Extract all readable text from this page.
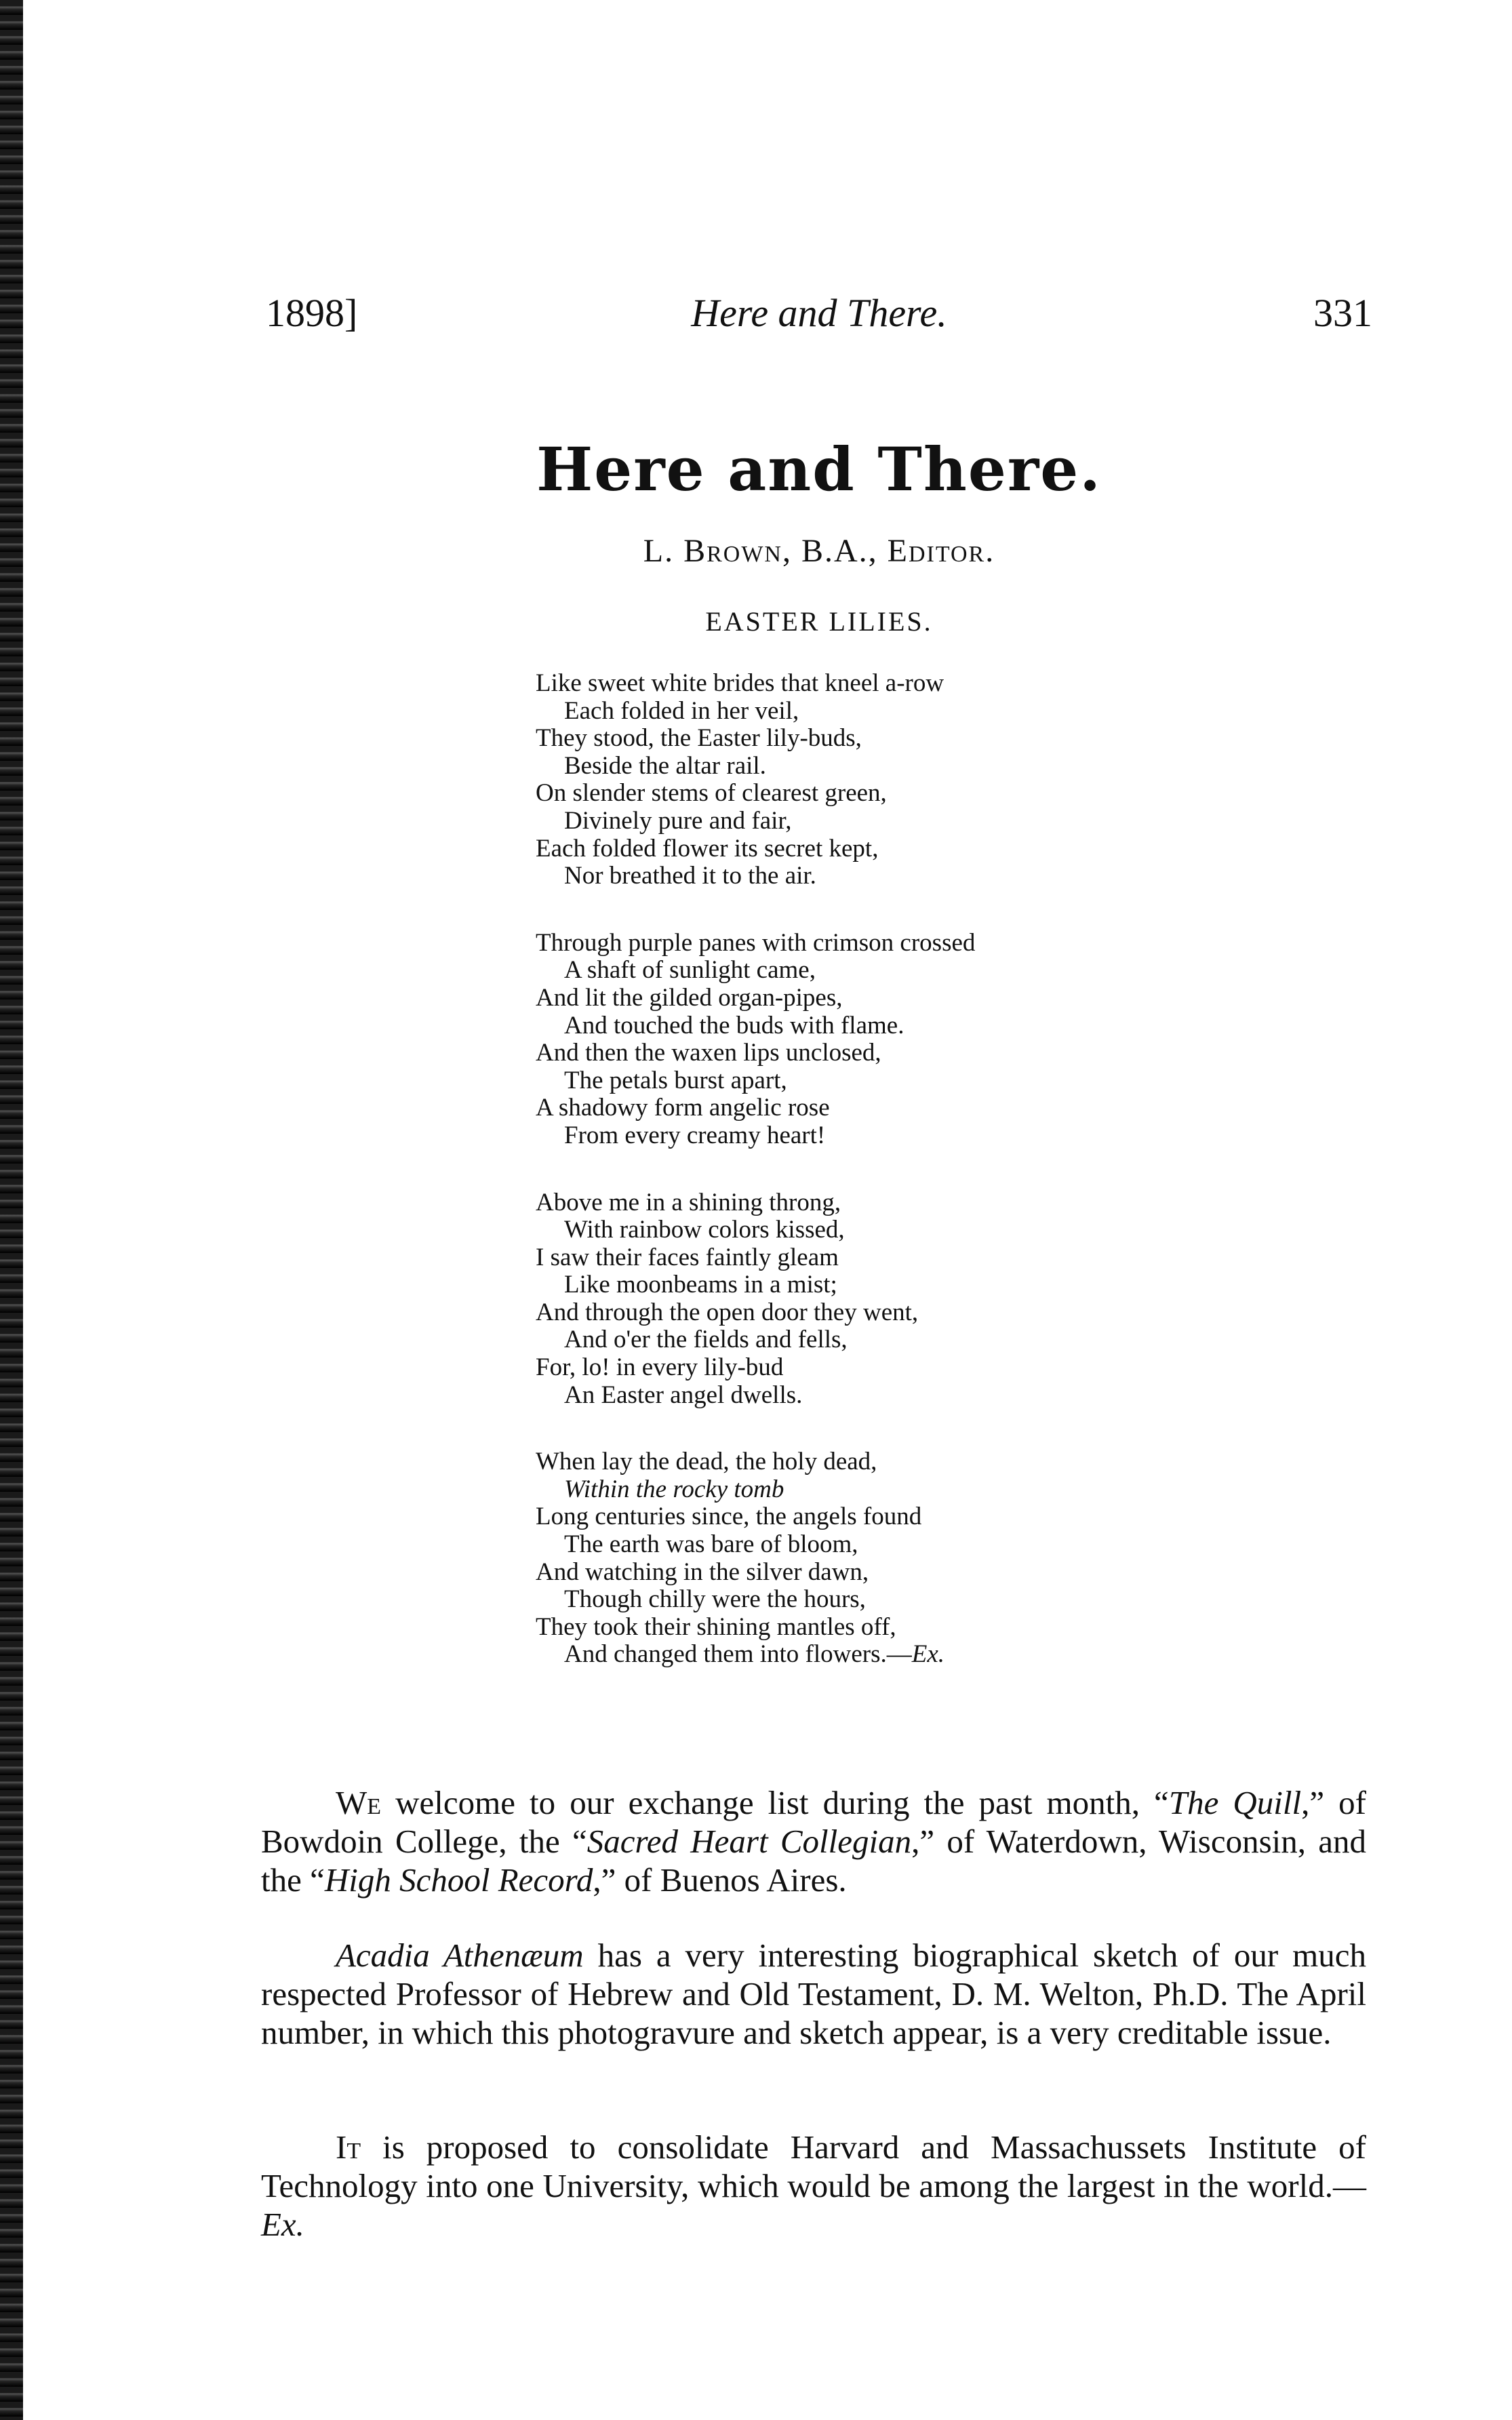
1898]	Here and There.	331
Here and There.
L. Brown, B.A., Editor.
EASTER LILIES.
Like sweet white brides that kneel a-row
Each folded in her veil,
They stood, the Easter lily-buds,
Beside the altar rail.
On slender stems of clearest green,
Divinely pure and fair,
Each folded flower its secret kept,
Nor breathed it to the air.
Through purple panes with crimson crossed
A shaft of sunlight came,
And lit the gilded organ-pipes,
And touched the buds with flame.
And then the waxen lips unclosed,
The petals burst apart,
A shadowy form angelic rose
From every creamy heart!
Above me in a shining throng,
With rainbow colors kissed,
I saw their faces faintly gleam
Like moonbeams in a mist;
And through the open door they went,
And o'er the fields and fells,
For, lo! in every lily-bud
An Easter angel dwells.
When lay the dead, the holy dead,
Within the rocky tomb
Long centuries since, the angels found
The earth was bare of bloom,
And watching in the silver dawn,
Though chilly were the hours,
They took their shining mantles off,
And changed them into flowers.—Ex.

We welcome to our exchange list during the past month, “The Quill,” of Bowdoin College, the “Sacred Heart Collegian,” of Waterdown, Wisconsin, and the “High School Record,” of Buenos Aires.

Acadia Athenæum has a very interesting biographical sketch of our much respected Professor of Hebrew and Old Testament, D. M. Welton, Ph.D. The April number, in which this photogravure and sketch appear, is a very creditable issue.

It is proposed to consolidate Harvard and Massachussets Institute of Technology into one University, which would be among the largest in the world.—Ex.
